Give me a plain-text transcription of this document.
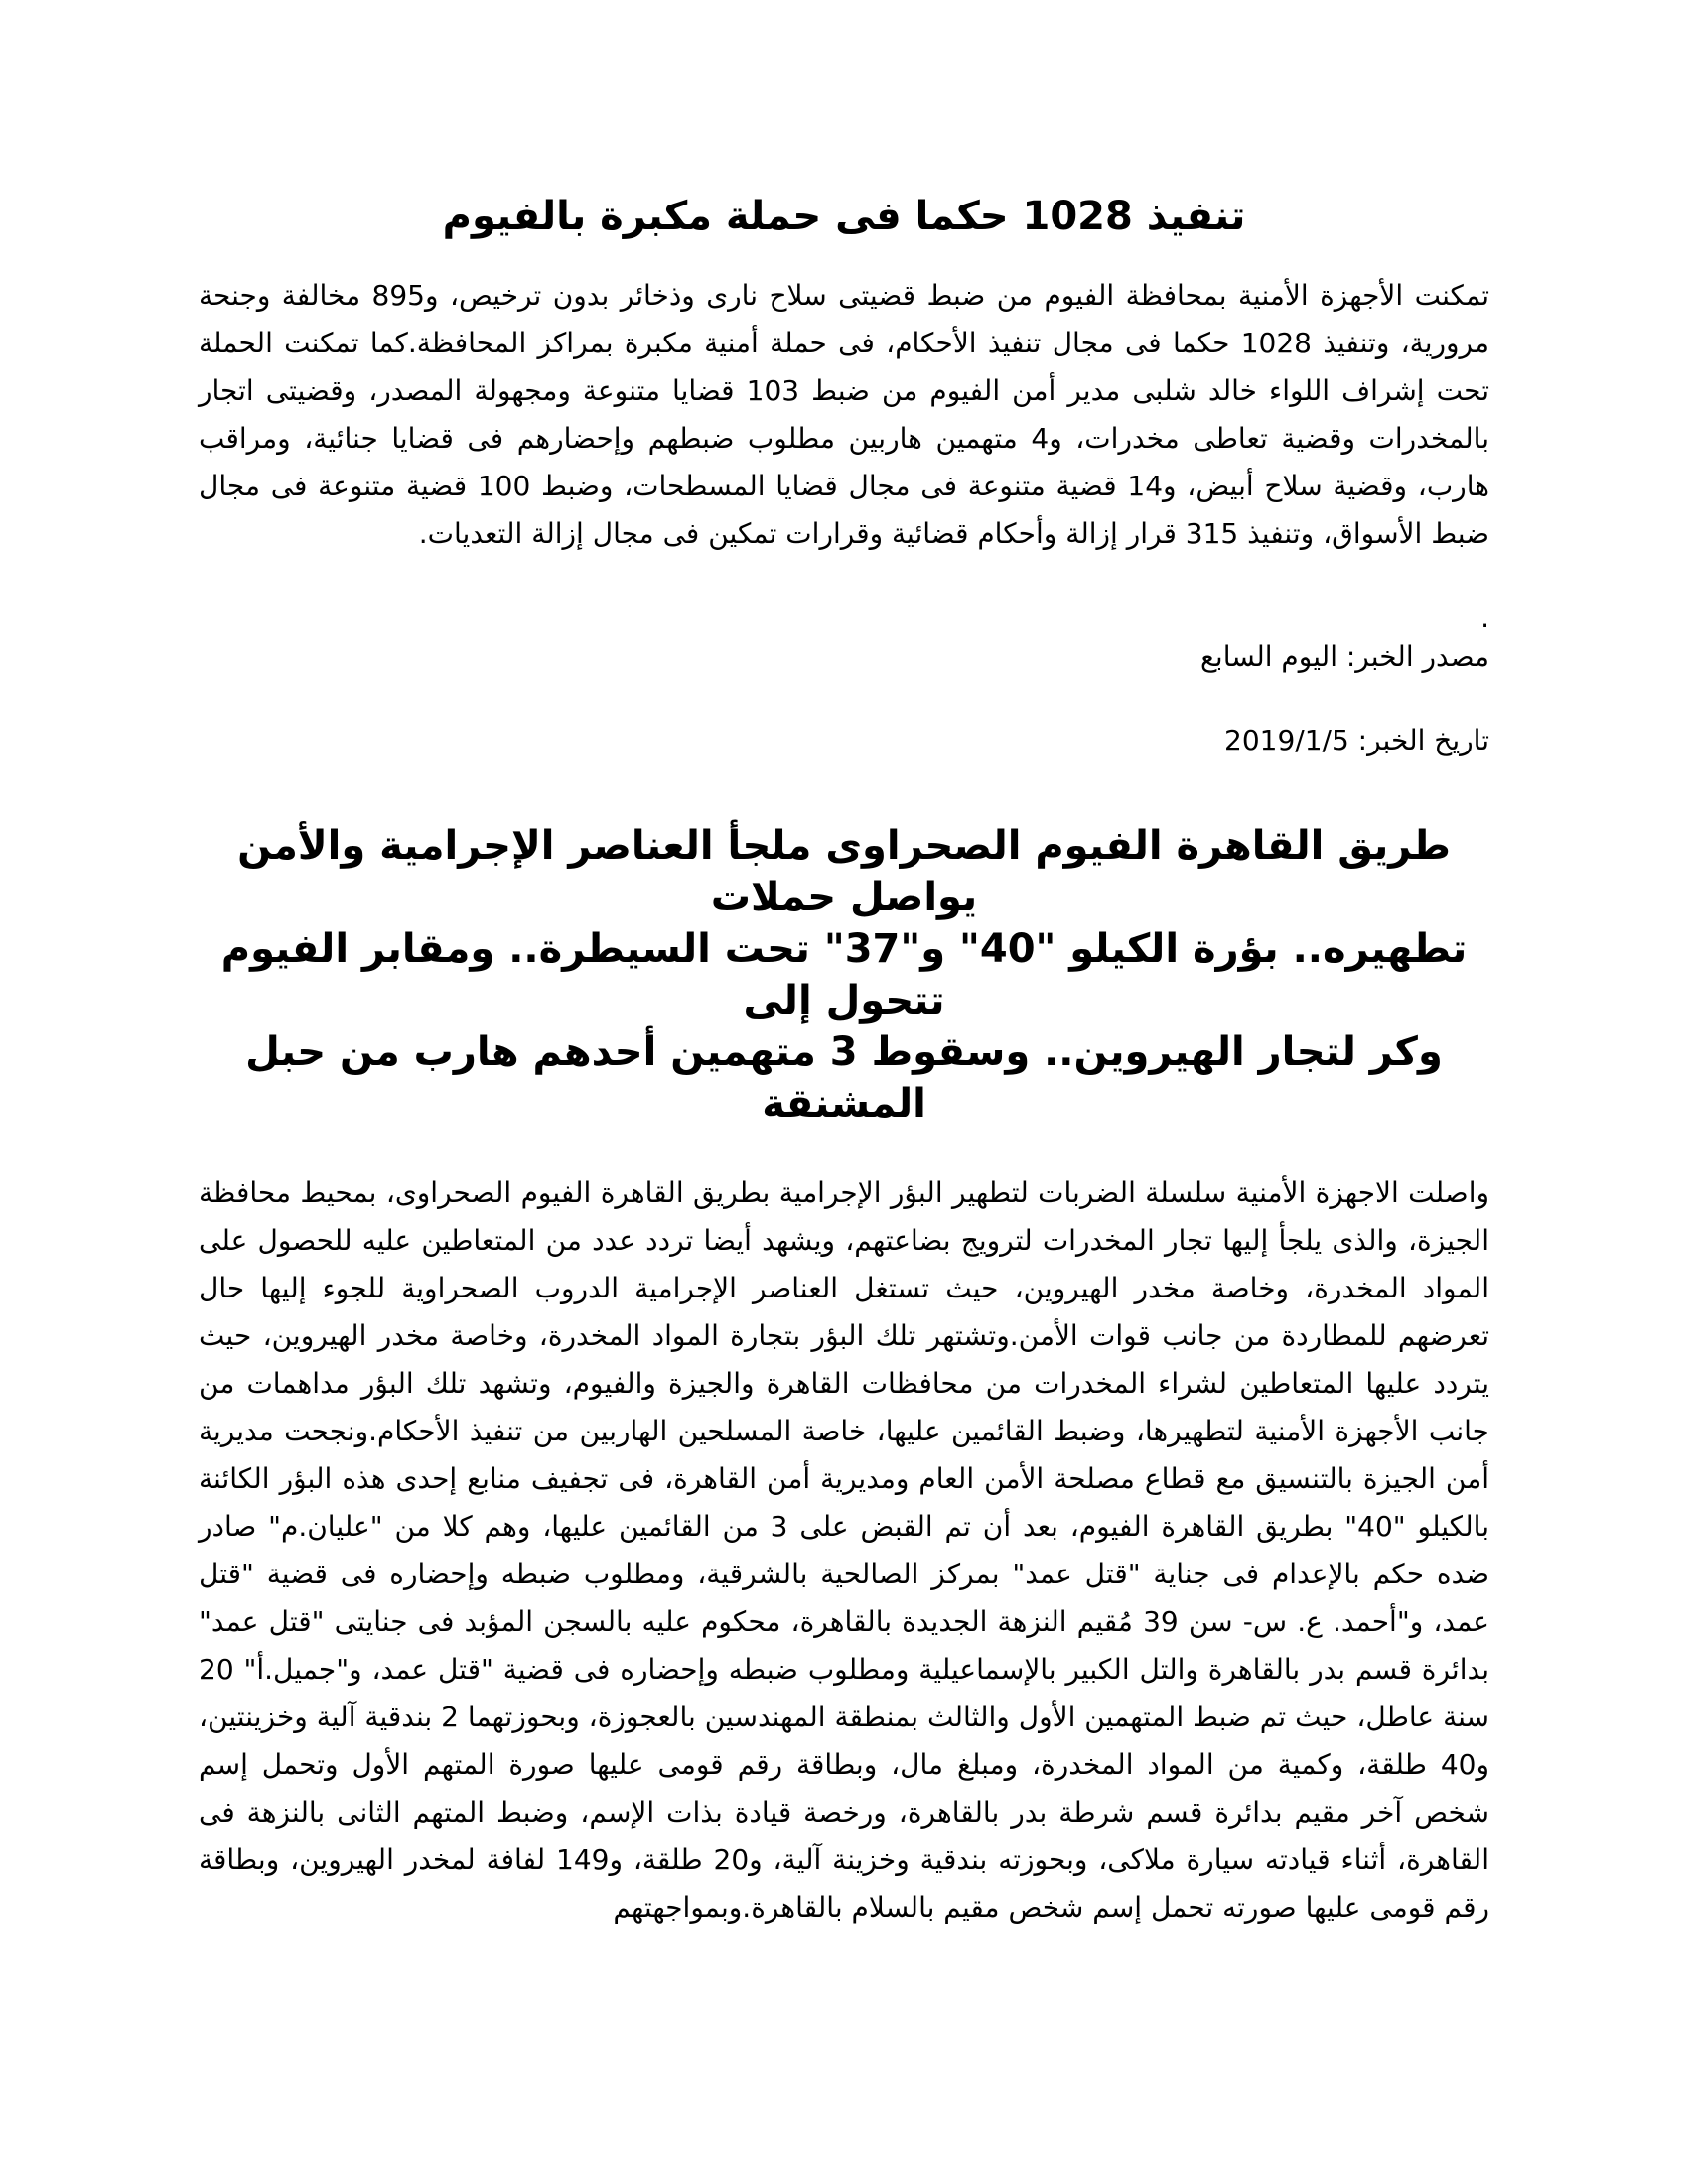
تنفيذ 1028 حكما فى حملة مكبرة بالفيوم

تمكنت الأجهزة الأمنية بمحافظة الفيوم من ضبط قضيتى سلاح نارى وذخائر بدون ترخيص، و895 مخالفة وجنحة مرورية، وتنفيذ 1028 حكما فى مجال تنفيذ الأحكام، فى حملة أمنية مكبرة بمراكز المحافظة.كما تمكنت الحملة تحت إشراف اللواء خالد شلبى مدير أمن الفيوم من ضبط 103 قضايا متنوعة ومجهولة المصدر، وقضيتى اتجار بالمخدرات وقضية تعاطى مخدرات، و4 متهمين هاربين مطلوب ضبطهم وإحضارهم فى قضايا جنائية، ومراقب هارب، وقضية سلاح أبيض، و14 قضية متنوعة فى مجال قضايا المسطحات، وضبط 100 قضية متنوعة فى مجال ضبط الأسواق، وتنفيذ 315 قرار إزالة وأحكام قضائية وقرارات تمكين فى مجال إزالة التعديات.

.

مصدر الخبر: اليوم السابع

تاريخ الخبر: 2019/1/5

طريق القاهرة الفيوم الصحراوى ملجأ العناصر الإجرامية والأمن يواصل حملات
تطهيره.. بؤرة الكيلو "40" و"37" تحت السيطرة.. ومقابر الفيوم تتحول إلى
وكر لتجار الهيروين.. وسقوط 3 متهمين أحدهم هارب من حبل المشنقة

واصلت الاجهزة الأمنية سلسلة الضربات لتطهير البؤر الإجرامية بطريق القاهرة الفيوم الصحراوى، بمحيط محافظة الجيزة، والذى يلجأ إليها تجار المخدرات لترويج بضاعتهم، ويشهد أيضا تردد عدد من المتعاطين عليه للحصول على المواد المخدرة، وخاصة مخدر الهيروين، حيث تستغل العناصر الإجرامية الدروب الصحراوية للجوء إليها حال تعرضهم للمطاردة من جانب قوات الأمن.وتشتهر تلك البؤر بتجارة المواد المخدرة، وخاصة مخدر الهيروين، حيث يتردد عليها المتعاطين لشراء المخدرات من محافظات القاهرة والجيزة والفيوم، وتشهد تلك البؤر مداهمات من جانب الأجهزة الأمنية لتطهيرها، وضبط القائمين عليها، خاصة المسلحين الهاربين من تنفيذ الأحكام.ونجحت مديرية أمن الجيزة بالتنسيق مع قطاع مصلحة الأمن العام ومديرية أمن القاهرة، فى تجفيف منابع إحدى هذه البؤر الكائنة بالكيلو "40" بطريق القاهرة الفيوم، بعد أن تم القبض على 3 من القائمين عليها، وهم كلا من "عليان.م" صادر ضده حكم بالإعدام فى جناية "قتل عمد" بمركز الصالحية بالشرقية، ومطلوب ضبطه وإحضاره فى قضية "قتل عمد، و"أحمد. ع. س- سن 39 مُقيم النزهة الجديدة بالقاهرة، محكوم عليه بالسجن المؤبد فى جنايتى "قتل عمد" بدائرة قسم بدر بالقاهرة والتل الكبير بالإسماعيلية ومطلوب ضبطه وإحضاره فى قضية "قتل عمد، و"جميل.أ" 20 سنة عاطل، حيث تم ضبط المتهمين الأول والثالث بمنطقة المهندسين بالعجوزة، وبحوزتهما 2 بندقية آلية وخزينتين، و40 طلقة، وكمية من المواد المخدرة، ومبلغ مال، وبطاقة رقم قومى عليها صورة المتهم الأول وتحمل إسم شخص آخر مقيم بدائرة قسم شرطة بدر بالقاهرة، ورخصة قيادة بذات الإسم، وضبط المتهم الثانى بالنزهة فى القاهرة، أثناء قيادته سيارة ملاكى، وبحوزته بندقية وخزينة آلية، و20 طلقة، و149 لفافة لمخدر الهيروين، وبطاقة رقم قومى عليها صورته تحمل إسم شخص مقيم بالسلام بالقاهرة.وبمواجهتهم
